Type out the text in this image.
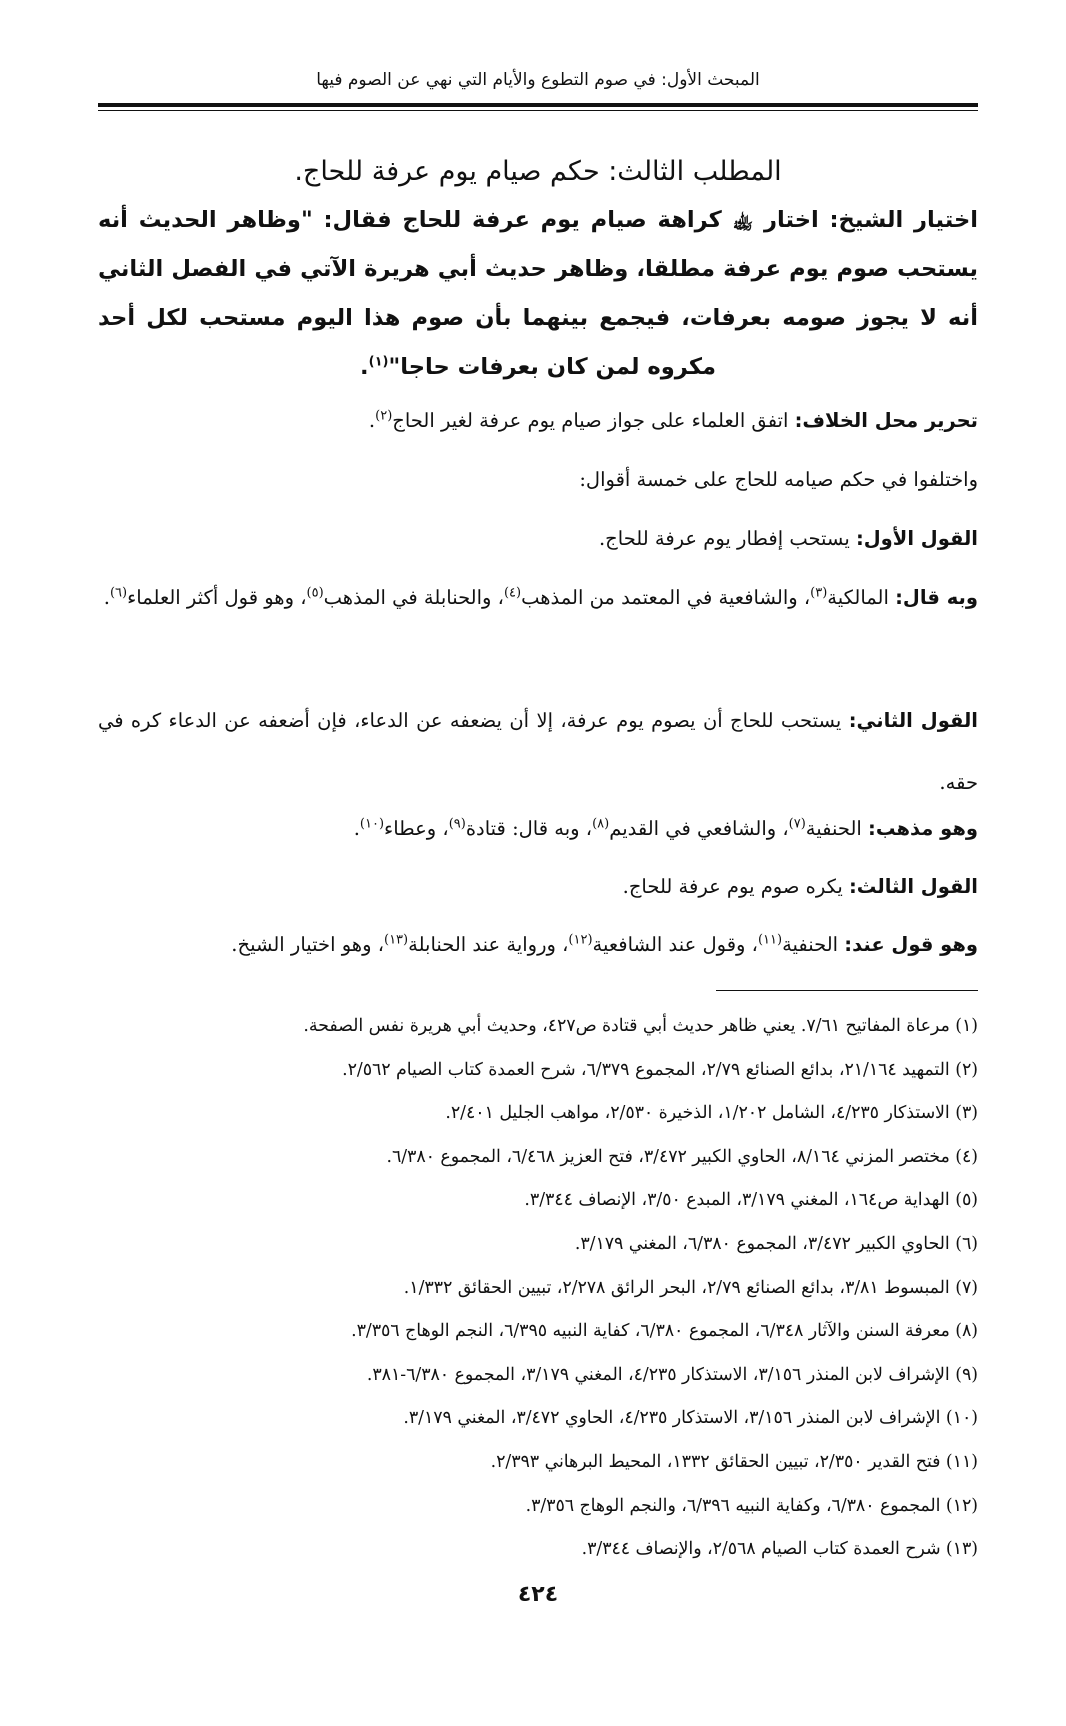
المبحث الأول: في صوم التطوع والأيام التي نهي عن الصوم فيها
المطلب الثالث: حكم صيام يوم عرفة للحاج.
اختيار الشيخ: اختار ﵀ كراهة صيام يوم عرفة للحاج فقال: "وظاهر الحديث أنه يستحب صوم يوم عرفة مطلقا، وظاهر حديث أبي هريرة الآتي في الفصل الثاني أنه لا يجوز صومه بعرفات، فيجمع بينهما بأن صوم هذا اليوم مستحب لكل أحد مكروه لمن كان بعرفات حاجا"$^{(١)}$.
تحرير محل الخلاف: اتفق العلماء على جواز صيام يوم عرفة لغير الحاج$^{(٢)}$.
واختلفوا في حكم صيامه للحاج على خمسة أقوال:
القول الأول: يستحب إفطار يوم عرفة للحاج.
وبه قال: المالكية$^{(٣)}$، والشافعية في المعتمد من المذهب$^{(٤)}$، والحنابلة في المذهب$^{(٥)}$، وهو قول أكثر العلماء$^{(٦)}$.
القول الثاني: يستحب للحاج أن يصوم يوم عرفة، إلا أن يضعفه عن الدعاء، فإن أضعفه عن الدعاء كره في حقه.
وهو مذهب: الحنفية$^{(٧)}$، والشافعي في القديم$^{(٨)}$، وبه قال: قتادة$^{(٩)}$، وعطاء$^{(١٠)}$.
القول الثالث: يكره صوم يوم عرفة للحاج.
وهو قول عند: الحنفية$^{(١١)}$، وقول عند الشافعية$^{(١٢)}$، ورواية عند الحنابلة$^{(١٣)}$، وهو اختيار الشيخ.
(١) مرعاة المفاتيح ٧/٦١. يعني ظاهر حديث أبي قتادة ص٤٢٧، وحديث أبي هريرة نفس الصفحة.
(٢) التمهيد ٢١/١٦٤، بدائع الصنائع ٢/٧٩، المجموع ٦/٣٧٩، شرح العمدة كتاب الصيام ٢/٥٦٢.
(٣) الاستذكار ٤/٢٣٥، الشامل ١/٢٠٢، الذخيرة ٢/٥٣٠، مواهب الجليل ٢/٤٠١.
(٤) مختصر المزني ٨/١٦٤، الحاوي الكبير ٣/٤٧٢، فتح العزيز ٦/٤٦٨، المجموع ٦/٣٨٠.
(٥) الهداية ص١٦٤، المغني ٣/١٧٩، المبدع ٣/٥٠، الإنصاف ٣/٣٤٤.
(٦) الحاوي الكبير ٣/٤٧٢، المجموع ٦/٣٨٠، المغني ٣/١٧٩.
(٧) المبسوط ٣/٨١، بدائع الصنائع ٢/٧٩، البحر الرائق ٢/٢٧٨، تبيين الحقائق ١/٣٣٢.
(٨) معرفة السنن والآثار ٦/٣٤٨، المجموع ٦/٣٨٠، كفاية النبيه ٦/٣٩٥، النجم الوهاج ٣/٣٥٦.
(٩) الإشراف لابن المنذر ٣/١٥٦، الاستذكار ٤/٢٣٥، المغني ٣/١٧٩، المجموع ٦/٣٨٠-٣٨١.
(١٠) الإشراف لابن المنذر ٣/١٥٦، الاستذكار ٤/٢٣٥، الحاوي ٣/٤٧٢، المغني ٣/١٧٩.
(١١) فتح القدير ٢/٣٥٠، تبيين الحقائق ١٣٣٢، المحيط البرهاني ٢/٣٩٣.
(١٢) المجموع ٦/٣٨٠، وكفاية النبيه ٦/٣٩٦، والنجم الوهاج ٣/٣٥٦.
(١٣) شرح العمدة كتاب الصيام ٢/٥٦٨، والإنصاف ٣/٣٤٤.
٤٢٤
